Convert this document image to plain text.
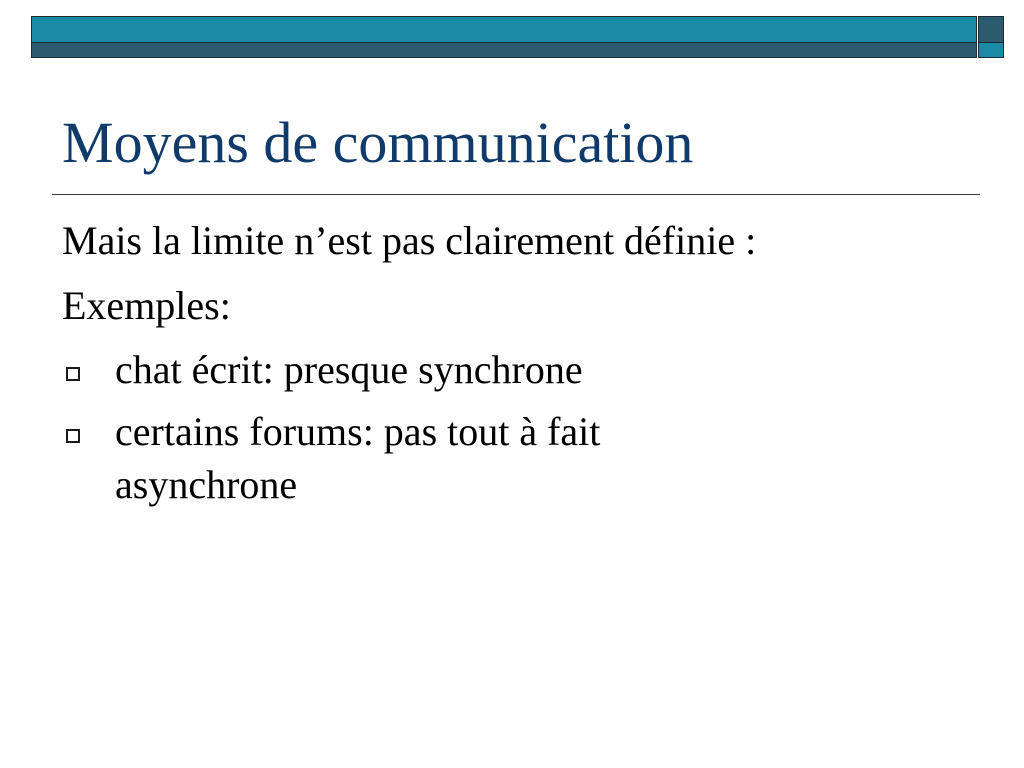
Moyens de communication

Mais la limite n’est pas clairement définie :

Exemples:

chat écrit: presque synchrone
certains forums: pas tout à fait asynchrone
